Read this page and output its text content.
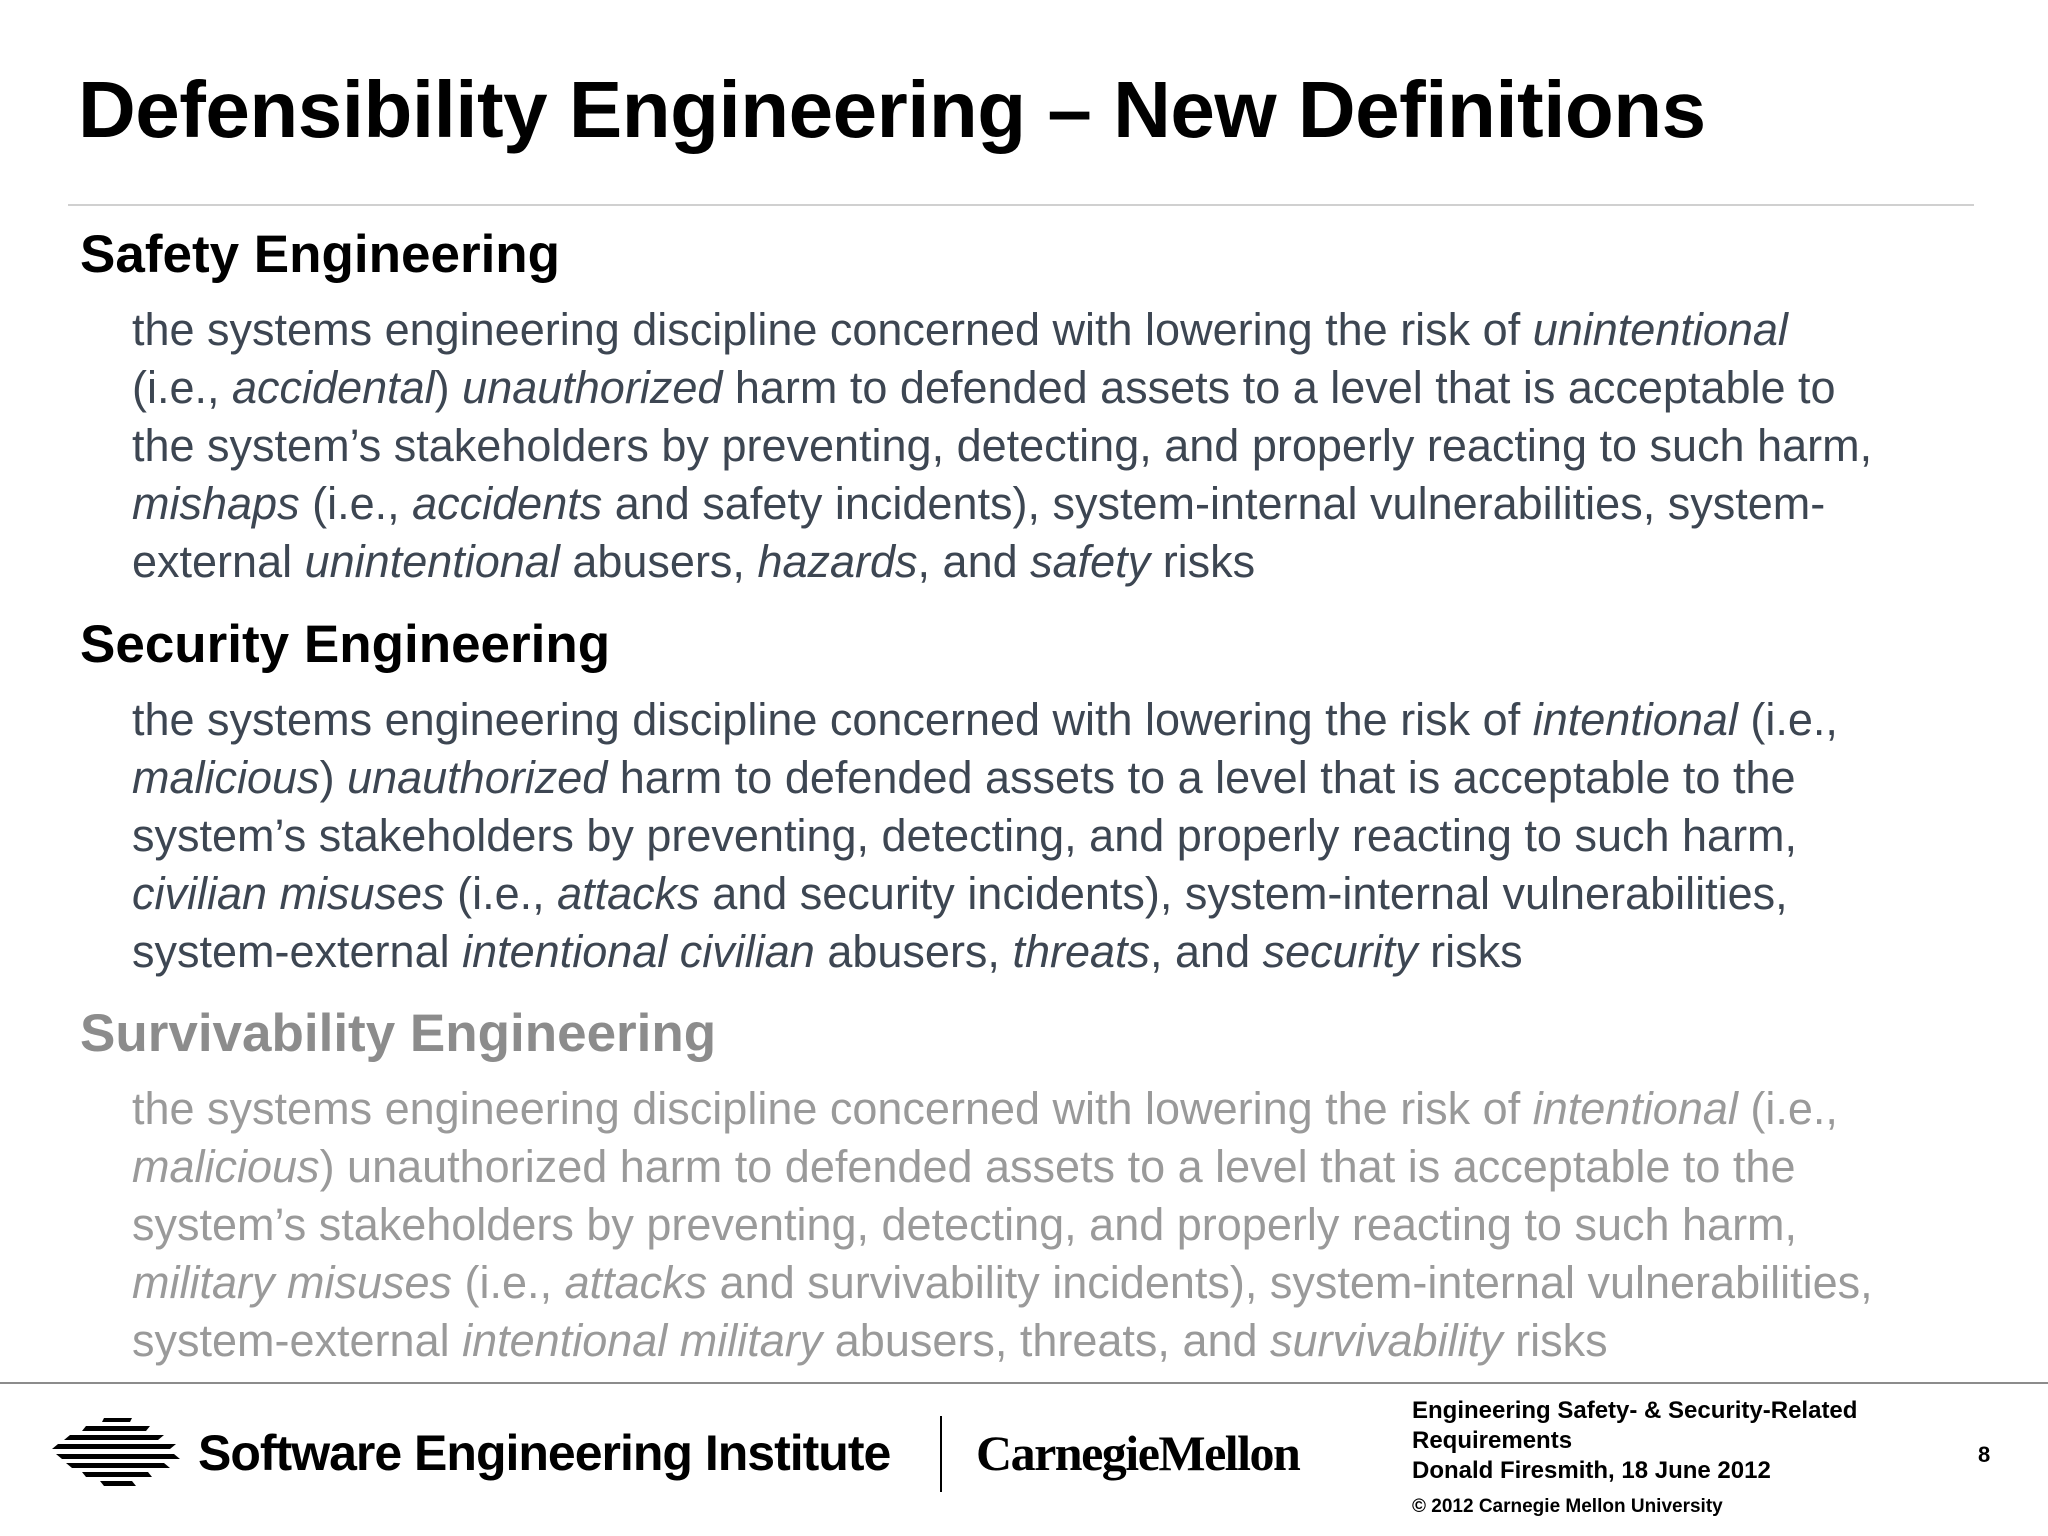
Defensibility Engineering – New Definitions
Safety Engineering
the systems engineering discipline concerned with lowering the risk of unintentional
(i.e., accidental) unauthorized harm to defended assets to a level that is acceptable to
the system’s stakeholders by preventing, detecting, and properly reacting to such harm,
mishaps (i.e., accidents and safety incidents), system-internal vulnerabilities, system-
external unintentional abusers, hazards, and safety risks
Security Engineering
the systems engineering discipline concerned with lowering the risk of intentional (i.e.,
malicious) unauthorized harm to defended assets to a level that is acceptable to the
system’s stakeholders by preventing, detecting, and properly reacting to such harm,
civilian misuses (i.e., attacks and security incidents), system-internal vulnerabilities,
system-external intentional civilian abusers, threats, and security risks
Survivability Engineering
the systems engineering discipline concerned with lowering the risk of intentional (i.e.,
malicious) unauthorized harm to defended assets to a level that is acceptable to the
system’s stakeholders by preventing, detecting, and properly reacting to such harm,
military misuses (i.e., attacks and survivability incidents), system-internal vulnerabilities,
system-external intentional military abusers, threats, and survivability risks
Software Engineering Institute CarnegieMellon
Engineering Safety- & Security-Related
Requirements
Donald Firesmith, 18 June 2012
© 2012 Carnegie Mellon University
8
